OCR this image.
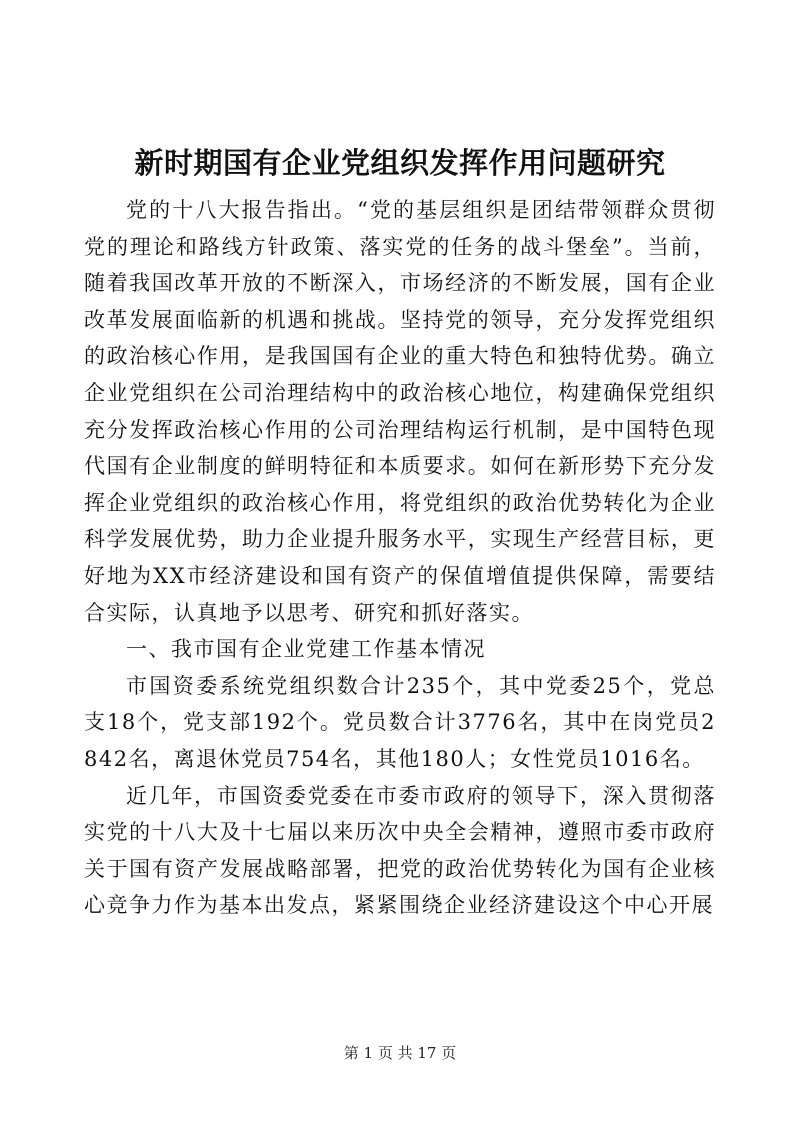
新时期国有企业党组织发挥作用问题研究

党的十八大报告指出。“党的基层组织是团结带领群众贯彻党的理论和路线方针政策、落实党的任务的战斗堡垒”。当前，随着我国改革开放的不断深入，市场经济的不断发展，国有企业改革发展面临新的机遇和挑战。坚持党的领导，充分发挥党组织的政治核心作用，是我国国有企业的重大特色和独特优势。确立企业党组织在公司治理结构中的政治核心地位，构建确保党组织充分发挥政治核心作用的公司治理结构运行机制，是中国特色现代国有企业制度的鲜明特征和本质要求。如何在新形势下充分发挥企业党组织的政治核心作用，将党组织的政治优势转化为企业科学发展优势，助力企业提升服务水平，实现生产经营目标，更好地为XX市经济建设和国有资产的保值增值提供保障，需要结合实际，认真地予以思考、研究和抓好落实。

一、我市国有企业党建工作基本情况

市国资委系统党组织数合计235个，其中党委25个，党总支18个，党支部192个。党员数合计3776名，其中在岗党员2842名，离退休党员754名，其他180人；女性党员1016名。

近几年，市国资委党委在市委市政府的领导下，深入贯彻落实党的十八大及十七届以来历次中央全会精神，遵照市委市政府关于国有资产发展战略部署，把党的政治优势转化为国有企业核心竞争力作为基本出发点，紧紧围绕企业经济建设这个中心开展

第 1 页 共 17 页
